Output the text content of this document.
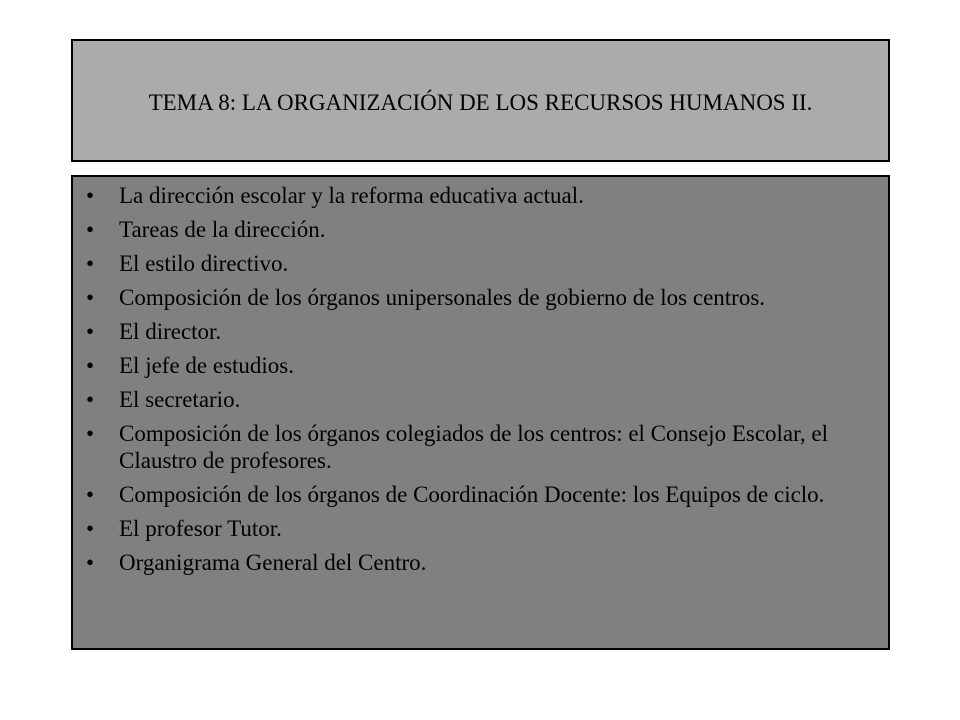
TEMA 8: LA ORGANIZACIÓN DE LOS RECURSOS HUMANOS II.
• La dirección escolar y la reforma educativa actual.
• Tareas de la dirección.
• El estilo directivo.
• Composición de los órganos unipersonales de gobierno de los centros.
• El director.
• El jefe de estudios.
• El secretario.
• Composición de los órganos colegiados de los centros: el Consejo Escolar, el Claustro de profesores.
• Composición de los órganos de Coordinación Docente: los Equipos de ciclo.
• El profesor Tutor.
• Organigrama General del Centro.
